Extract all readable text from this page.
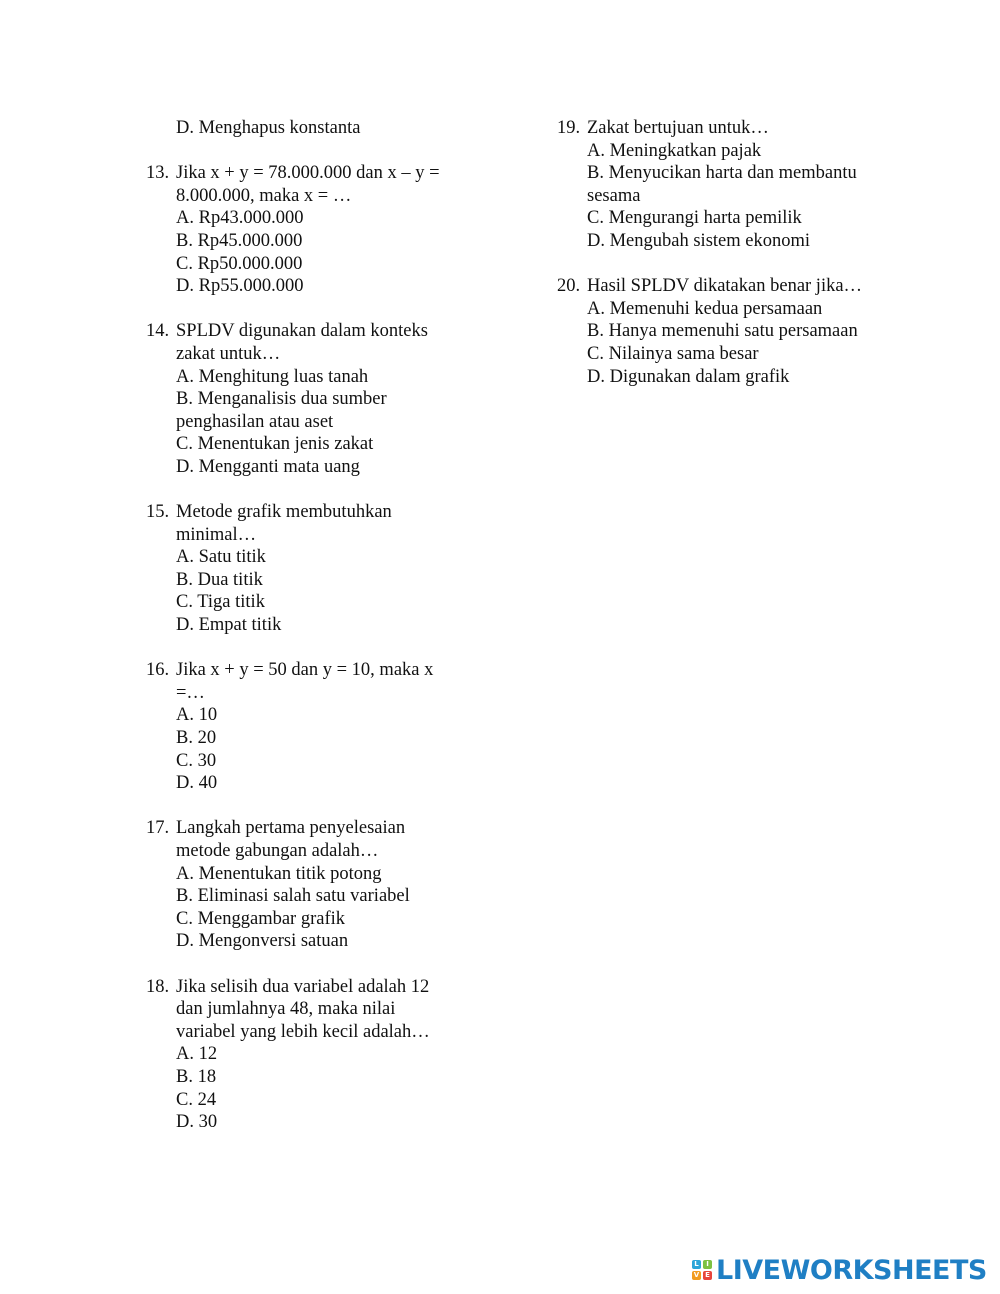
D. Menghapus konstanta
13. Jika x + y = 78.000.000 dan x – y =
8.000.000, maka x = …
A. Rp43.000.000
B. Rp45.000.000
C. Rp50.000.000
D. Rp55.000.000
14. SPLDV digunakan dalam konteks
zakat untuk…
A. Menghitung luas tanah
B. Menganalisis dua sumber
penghasilan atau aset
C. Menentukan jenis zakat
D. Mengganti mata uang
15. Metode grafik membutuhkan
minimal…
A. Satu titik
B. Dua titik
C. Tiga titik
D. Empat titik
16. Jika x + y = 50 dan y = 10, maka x
=…
A. 10
B. 20
C. 30
D. 40
17. Langkah pertama penyelesaian
metode gabungan adalah…
A. Menentukan titik potong
B. Eliminasi salah satu variabel
C. Menggambar grafik
D. Mengonversi satuan
18. Jika selisih dua variabel adalah 12
dan jumlahnya 48, maka nilai
variabel yang lebih kecil adalah…
A. 12
B. 18
C. 24
D. 30
19. Zakat bertujuan untuk…
A. Meningkatkan pajak
B. Menyucikan harta dan membantu
sesama
C. Mengurangi harta pemilik
D. Mengubah sistem ekonomi
20. Hasil SPLDV dikatakan benar jika…
A. Memenuhi kedua persamaan
B. Hanya memenuhi satu persamaan
C. Nilainya sama besar
D. Digunakan dalam grafik
L	I
V E LIVEWORKSHEETS
